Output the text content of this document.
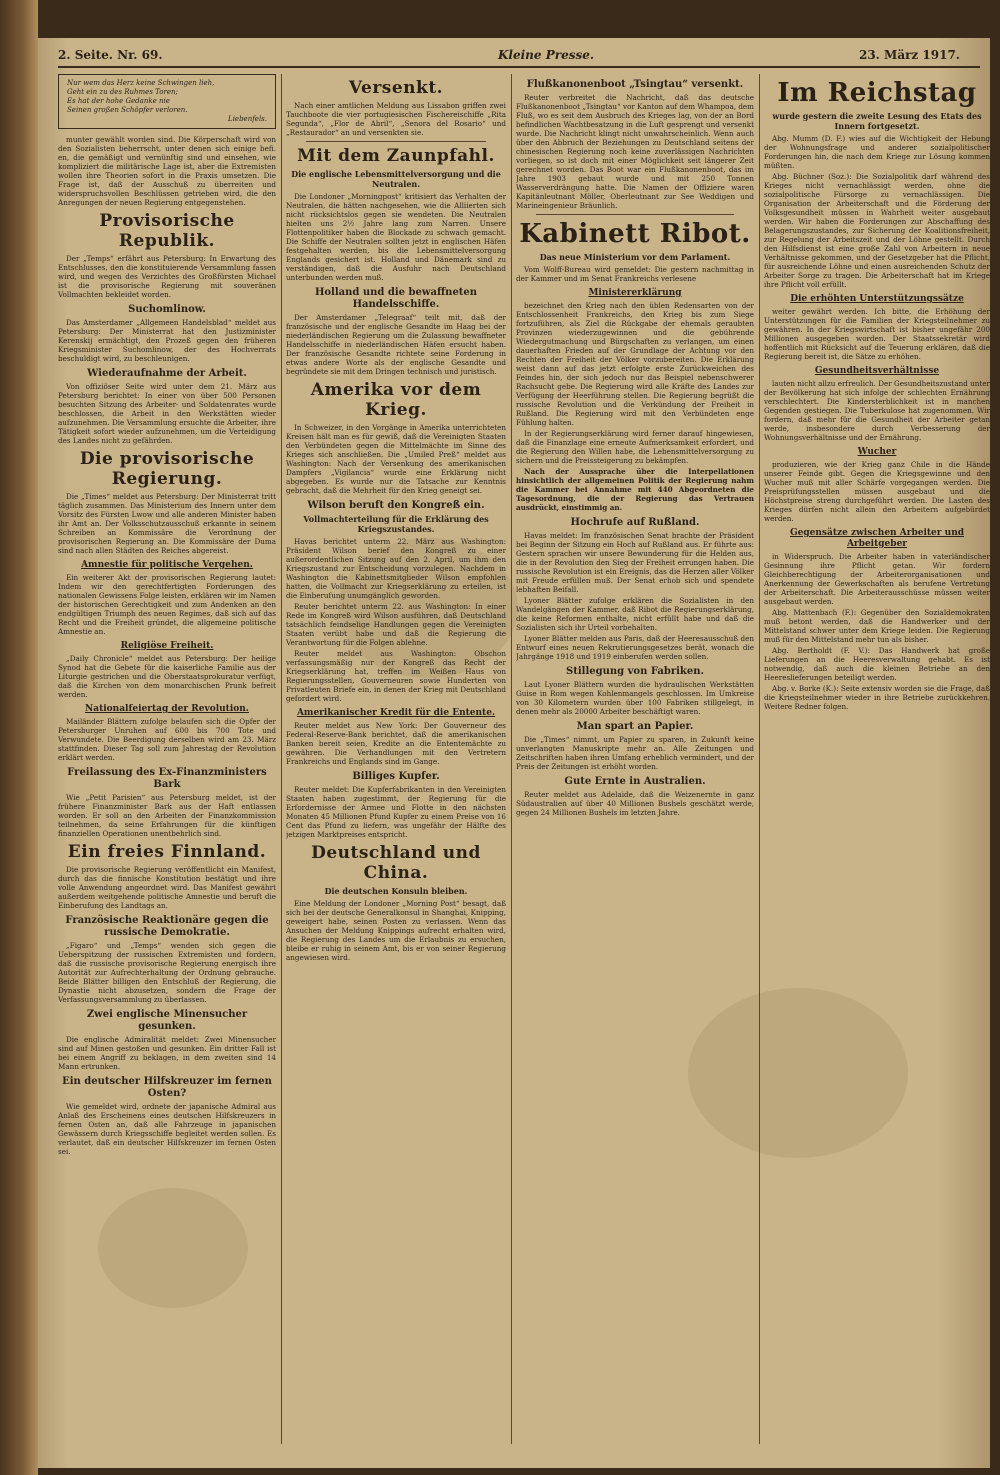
2. Seite. Nr. 69.	Kleine Presse.	23. März 1917.
Nur wem das Herz keine Schwingen lieh,
Geht ein zu des Ruhmes Toren;
Es hat der hohe Gedanke nie
Seinen großen Schöpfer verloren.
Liebenfels.

munter gewählt worden sind. Die Körperschaft wird von den Sozialisten beherrscht, unter denen sich einige befi. en, die gemäßigt und vernünftig sind und einsehen, wie kompliziert die militärische Lage ist, aber die Extremisten wollen ihre Theorien sofort in die Praxis umsetzen. Die Frage ist, daß der Ausschuß zu überreiten und widerspruchsvollen Beschlüssen getrieben wird, die den Anregungen der neuen Regierung entgegenstehen.

Provisorische Republik.

Der „Temps“ erfährt aus Petersburg: In Erwartung des Entschlusses, den die konstituierende Versammlung fassen wird, und wegen des Verzichtes des Großfürsten Michael ist die provisorische Regierung mit souveränen Vollmachten bekleidet worden.

Suchomlinow.

Das Amsterdamer „Allgemeen Handelsblad“ meldet aus Petersburg: Der Ministerrat hat den Justizminister Kerenskij ermächtigt, den Prozeß gegen den früheren Kriegsminister Suchomlinow, der des Hochverrats beschuldigt wird, zu beschleunigen.

Wiederaufnahme der Arbeit.

Von offiziöser Seite wird unter dem 21. März aus Petersburg berichtet: In einer von über 500 Personen besuchten Sitzung des Arbeiter- und Soldatenrates wurde beschlossen, die Arbeit in den Werkstätten wieder aufzunehmen. Die Versammlung ersuchte die Arbeiter, ihre Tätigkeit sofort wieder aufzunehmen, um die Verteidigung des Landes nicht zu gefährden.

Die provisorische Regierung.

Die „Times“ meldet aus Petersburg: Der Ministerrat tritt täglich zusammen. Das Ministerium des Innern unter dem Vorsitz des Fürsten Lwow und alle anderen Minister haben ihr Amt an. Der Volksschutzausschuß erkannte in seinem Schreiben an Kommissäre die Verordnung der provisorischen Regierung an. Die Kommissäre der Duma sind nach allen Städten des Reiches abgereist.

Amnestie für politische Vergehen.

Ein weiterer Akt der provisorischen Regierung lautet: Indem wir den gerechtfertigten Forderungen des nationalen Gewissens Folge leisten, erklären wir im Namen der historischen Gerechtigkeit und zum Andenken an den endgültigen Triumph des neuen Regimes, daß sich auf das Recht und die Freiheit gründet, die allgemeine politische Amnestie an.

Religiöse Freiheit.

„Daily Chronicle“ meldet aus Petersburg: Der heilige Synod hat die Gebete für die kaiserliche Familie aus der Liturgie gestrichen und die Oberstaatsprokuratur verfügt, daß die Kirchen von dem monarchischen Prunk befreit werden.

Nationalfeiertag der Revolution.

Mailänder Blättern zufolge belaufen sich die Opfer der Petersburger Unruhen auf 600 bis 700 Tote und Verwundete. Die Beerdigung derselben wird am 23. März stattfinden. Dieser Tag soll zum Jahrestag der Revolution erklärt werden.

Freilassung des Ex-Finanzministers Bark

Wie „Petit Parisien“ aus Petersburg meldet, ist der frühere Finanzminister Bark aus der Haft entlassen worden. Er soll an den Arbeiten der Finanzkommission teilnehmen, da seine Erfahrungen für die künftigen finanziellen Operationen unentbehrlich sind.

Ein freies Finnland.

Die provisorische Regierung veröffentlicht ein Manifest, durch das die finnische Konstitution bestätigt und ihre volle Anwendung angeordnet wird. Das Manifest gewährt außerdem weitgehende politische Amnestie und beruft die Einberufung des Landtags an.

Französische Reaktionäre gegen die russische Demokratie.

„Figaro“ und „Temps“ wenden sich gegen die Ueberspitzung der russischen Extremisten und fordern, daß die russische provisorische Regierung energisch ihre Autorität zur Aufrechterhaltung der Ordnung gebrauche. Beide Blätter billigen den Entschluß der Regierung, die Dynastie nicht abzusetzen, sondern die Frage der Verfassungsversammlung zu überlassen.

Zwei englische Minensucher gesunken.

Die englische Admiralität meldet: Zwei Minensucher sind auf Minen gestoßen und gesunken. Ein dritter Fall ist bei einem Angriff zu beklagen, in dem zweiten sind 14 Mann ertrunken.

Ein deutscher Hilfskreuzer im fernen Osten?

Wie gemeldet wird, ordnete der japanische Admiral aus Anlaß des Erscheinens eines deutschen Hilfskreuzers in fernen Osten an, daß alle Fahrzeuge in japanischen Gewässern durch Kriegsschiffe begleitet werden sollen. Es verlautet, daß ein deutscher Hilfskreuzer im fernen Osten sei.

Versenkt.

Nach einer amtlichen Meldung aus Lissabon griffen zwei Tauchboote die vier portugiesischen Fischereischiffe „Rita Segunda“, „Flor de Abril“, „Senora del Rosario“ und „Restaurador“ an und versenkten sie.

Mit dem Zaunpfahl.
Die englische Lebensmittelversorgung und die Neutralen.

Die Londoner „Morningpost“ kritisiert das Verhalten der Neutralen, die hätten nachgesehen, wie die Alliierten sich nicht rücksichtslos gegen sie wendeten. Die Neutralen hielten uns 2½ Jahre lang zum Narren. Unsere Flottenpolitiker haben die Blockade zu schwach gemacht. Die Schiffe der Neutralen sollten jetzt in englischen Häfen festgehalten werden, bis die Lebensmittelversorgung Englands gesichert ist. Holland und Dänemark sind zu verständigen, daß die Ausfuhr nach Deutschland unterbunden werden muß.

Holland und die bewaffneten Handelsschiffe.

Der Amsterdamer „Telegraaf“ teilt mit, daß der französische und der englische Gesandte im Haag bei der niederländischen Regierung um die Zulassung bewaffneter Handelsschiffe in niederländischen Häfen ersucht haben. Der französische Gesandte richtete seine Forderung in etwas andere Worte als der englische Gesandte und begründete sie mit dem Dringen technisch und juristisch.

Amerika vor dem Krieg.

In Schweizer, in den Vorgänge in Amerika unterrichteten Kreisen hält man es für gewiß, daß die Vereinigten Staaten den Verbündeten gegen die Mittelmächte im Sinne des Krieges sich anschließen. Die „Umiled Preß“ meldet aus Washington: Nach der Versenkung des amerikanischen Dampfers „Vigilancia“ wurde eine Erklärung nicht abgegeben. Es wurde nur die Tatsache zur Kenntnis gebracht, daß die Mehrheit für den Krieg geneigt sei.

Wilson beruft den Kongreß ein.
Vollmachterteilung für die Erklärung des Kriegszustandes.

Havas berichtet unterm 22. März aus Washington: Präsident Wilson berief den Kongreß zu einer außerordentlichen Sitzung auf den 2. April, um ihm den Kriegszustand zur Entscheidung vorzulegen. Nachdem in Washington die Kabinettsmitglieder Wilson empfohlen hatten, die Vollmacht zur Kriegserklärung zu erteilen, ist die Einberufung unumgänglich geworden.

Reuter berichtet unterm 22. aus Washington: In einer Rede im Kongreß wird Wilson ausführen, daß Deutschland tatsächlich feindselige Handlungen gegen die Vereinigten Staaten verübt habe und daß die Regierung die Verantwortung für die Folgen ablehne.

Reuter meldet aus Washington: Obschon verfassungsmäßig nur der Kongreß das Recht der Kriegserklärung hat, treffen im Weißen Haus von Regierungsstellen, Gouverneuren sowie Hunderten von Privatleuten Briefe ein, in denen der Krieg mit Deutschland gefordert wird.

Amerikanischer Kredit für die Entente.

Reuter meldet aus New York: Der Gouverneur des Federal-Reserve-Bank berichtet, daß die amerikanischen Banken bereit seien, Kredite an die Ententemächte zu gewähren. Die Verhandlungen mit den Vertretern Frankreichs und Englands sind im Gange.

Billiges Kupfer.

Reuter meldet: Die Kupferfabrikanten in den Vereinigten Staaten haben zugestimmt, der Regierung für die Erfordernisse der Armee und Flotte in den nächsten Monaten 45 Millionen Pfund Kupfer zu einem Preise von 16 Cent das Pfund zu liefern, was ungefähr der Hälfte des jetzigen Marktpreises entspricht.

Deutschland und China.
Die deutschen Konsuln bleiben.

Eine Meldung der Londoner „Morning Post“ besagt, daß sich bei der deutsche Generalkonsul in Shanghai, Knipping, geweigert habe, seinen Posten zu verlassen. Wenn das Ansuchen der Meldung Knippings aufrecht erhalten wird, die Regierung des Landes um die Erlaubnis zu ersuchen, bleibe er ruhig in seinem Amt, bis er von seiner Regierung angewiesen wird.

Flußkanonenboot „Tsingtau“ versenkt.

Reuter verbreitet die Nachricht, daß das deutsche Flußkanonenboot „Tsingtau“ vor Kanton auf dem Whampoa, dem Fluß, wo es seit dem Ausbruch des Krieges lag, von der an Bord befindlichen Wachtbesatzung in die Luft gesprengt und versenkt wurde. Die Nachricht klingt nicht unwahrscheinlich. Wenn auch über den Abbruch der Beziehungen zu Deutschland seitens der chinesischen Regierung noch keine zuverlässigen Nachrichten vorliegen, so ist doch mit einer Möglichkeit seit längerer Zeit gerechnet worden. Das Boot war ein Flußkanonenboot, das im Jahre 1903 gebaut wurde und mit 250 Tonnen Wasserverdrängung hatte. Die Namen der Offiziere waren Kapitänleutnant Möller, Oberleutnant zur See Weddigen und Marineingenieur Bräunlich.

Kabinett Ribot.
Das neue Ministerium vor dem Parlament.

Vom Wolff-Bureau wird gemeldet: Die gestern nachmittag in der Kammer und im Senat Frankreichs verlesene

Ministererklärung

bezeichnet den Krieg nach den üblen Redensarten von der Entschlossenheit Frankreichs, den Krieg bis zum Siege fortzuführen, als Ziel die Rückgabe der ehemals geraubten Provinzen wiederzugewinnen und die gebührende Wiedergutmachung und Bürgschaften zu verlangen, um einen dauerhaften Frieden auf der Grundlage der Achtung vor den Rechten der Freiheit der Völker vorzubereiten. Die Erklärung weist dann auf das jetzt erfolgte erste Zurückweichen des Feindes hin, der sich jedoch nur das Beispiel nebenschwerer Rachsucht gebe. Die Regierung wird alle Kräfte des Landes zur Verfügung der Heerführung stellen. Die Regierung begrüßt die russische Revolution und die Verkündung der Freiheit in Rußland. Die Regierung wird mit den Verbündeten enge Fühlung halten.

In der Regierungserklärung wird ferner darauf hingewiesen, daß die Finanzlage eine erneute Aufmerksamkeit erfordert, und die Regierung den Willen habe, die Lebensmittelversorgung zu sichern und die Preissteigerung zu bekämpfen.

Nach der Aussprache über die Interpellationen hinsichtlich der allgemeinen Politik der Regierung nahm die Kammer bei Annahme mit 440 Abgeordneten die Tagesordnung, die der Regierung das Vertrauen ausdrückt, einstimmig an.

Hochrufe auf Rußland.

Havas meldet: Im französischen Senat brachte der Präsident bei Beginn der Sitzung ein Hoch auf Rußland aus. Er führte aus: Gestern sprachen wir unsere Bewunderung für die Helden aus, die in der Revolution den Sieg der Freiheit errungen haben. Die russische Revolution ist ein Ereignis, das die Herzen aller Völker mit Freude erfüllen muß. Der Senat erhob sich und spendete lebhaften Beifall.

Lyoner Blätter zufolge erklären die Sozialisten in den Wandelgängen der Kammer, daß Ribot die Regierungserklärung, die keine Reformen enthalte, nicht erfüllt habe und daß die Sozialisten sich ihr Urteil vorbehalten.

Lyoner Blätter melden aus Paris, daß der Heeresausschuß den Entwurf eines neuen Rekrutierungsgesetzes berät, wonach die Jahrgänge 1918 und 1919 einberufen werden sollen.

Stillegung von Fabriken.

Laut Lyoner Blättern wurden die hydraulischen Werkstätten Guise in Rom wegen Kohlenmangels geschlossen. Im Umkreise von 30 Kilometern wurden über 100 Fabriken stillgelegt, in denen mehr als 20000 Arbeiter beschäftigt waren.

Man spart an Papier.

Die „Times“ nimmt, um Papier zu sparen, in Zukunft keine unverlangten Manuskripte mehr an. Alle Zeitungen und Zeitschriften haben ihren Umfang erheblich vermindert, und der Preis der Zeitungen ist erhöht worden.

Gute Ernte in Australien.

Reuter meldet aus Adelaide, daß die Weizenernte in ganz Südaustralien auf über 40 Millionen Bushels geschätzt werde, gegen 24 Millionen Bushels im letzten Jahre.

Im Reichstag
wurde gestern die zweite Lesung des Etats des Innern fortgesetzt.

Abg. Mumm (D. F.) wies auf die Wichtigkeit der Hebung der Wohnungsfrage und anderer sozialpolitischer Forderungen hin, die nach dem Kriege zur Lösung kommen müßten.

Abg. Büchner (Soz.): Die Sozialpolitik darf während des Krieges nicht vernachlässigt werden, ohne die sozialpolitische Fürsorge zu vernachlässigen. Die Organisation der Arbeiterschaft und die Förderung der Volksgesundheit müssen in Wahrheit weiter ausgebaut werden. Wir haben die Forderungen zur Abschaffung des Belagerungszustandes, zur Sicherung der Koalitionsfreiheit, zur Regelung der Arbeitszeit und der Löhne gestellt. Durch den Hilfsdienst ist eine große Zahl von Arbeitern in neue Verhältnisse gekommen, und der Gesetzgeber hat die Pflicht, für ausreichende Löhne und einen ausreichenden Schutz der Arbeiter Sorge zu tragen. Die Arbeiterschaft hat im Kriege ihre Pflicht voll erfüllt.

Die erhöhten Unterstützungssätze

weiter gewährt werden. Ich bitte, die Erhöhung der Unterstützungen für die Familien der Kriegsteilnehmer zu gewähren. In der Kriegswirtschaft ist bisher ungefähr 200 Millionen ausgegeben worden. Der Staatssekretär wird hoffentlich mit Rücksicht auf die Teuerung erklären, daß die Regierung bereit ist, die Sätze zu erhöhen.

Gesundheitsverhältnisse

lauten nicht allzu erfreulich. Der Gesundheitszustand unter der Bevölkerung hat sich infolge der schlechten Ernährung verschlechtert. Die Kindersterblichkeit ist in manchen Gegenden gestiegen. Die Tuberkulose hat zugenommen. Wir fordern, daß mehr für die Gesundheit der Arbeiter getan werde, insbesondere durch Verbesserung der Wohnungsverhältnisse und der Ernährung.

Wucher

produzieren, wie der Krieg ganz Chile in die Hände unserer Feinde gibt. Gegen die Kriegsgewinne und den Wucher muß mit aller Schärfe vorgegangen werden. Die Preisprüfungsstellen müssen ausgebaut und die Höchstpreise streng durchgeführt werden. Die Lasten des Krieges dürfen nicht allein den Arbeitern aufgebürdet werden.

Gegensätze zwischen Arbeiter und Arbeitgeber

in Widerspruch. Die Arbeiter haben in vaterländischer Gesinnung ihre Pflicht getan. Wir fordern Gleichberechtigung der Arbeiterorganisationen und Anerkennung der Gewerkschaften als berufene Vertretung der Arbeiterschaft. Die Arbeiterausschüsse müssen weiter ausgebaut werden.

Abg. Mattenbach (F.): Gegenüber den Sozialdemokraten muß betont werden, daß die Handwerker und der Mittelstand schwer unter dem Kriege leiden. Die Regierung muß für den Mittelstand mehr tun als bisher.

Abg. Bertholdt (F. V.): Das Handwerk hat große Lieferungen an die Heeresverwaltung gehabt. Es ist notwendig, daß auch die kleinen Betriebe an den Heereslieferungen beteiligt werden.

Abg. v. Borke (K.): Seite extensiv worden sie die Frage, daß die Kriegsteilnehmer wieder in ihre Betriebe zurückkehren. Weitere Redner folgen.
